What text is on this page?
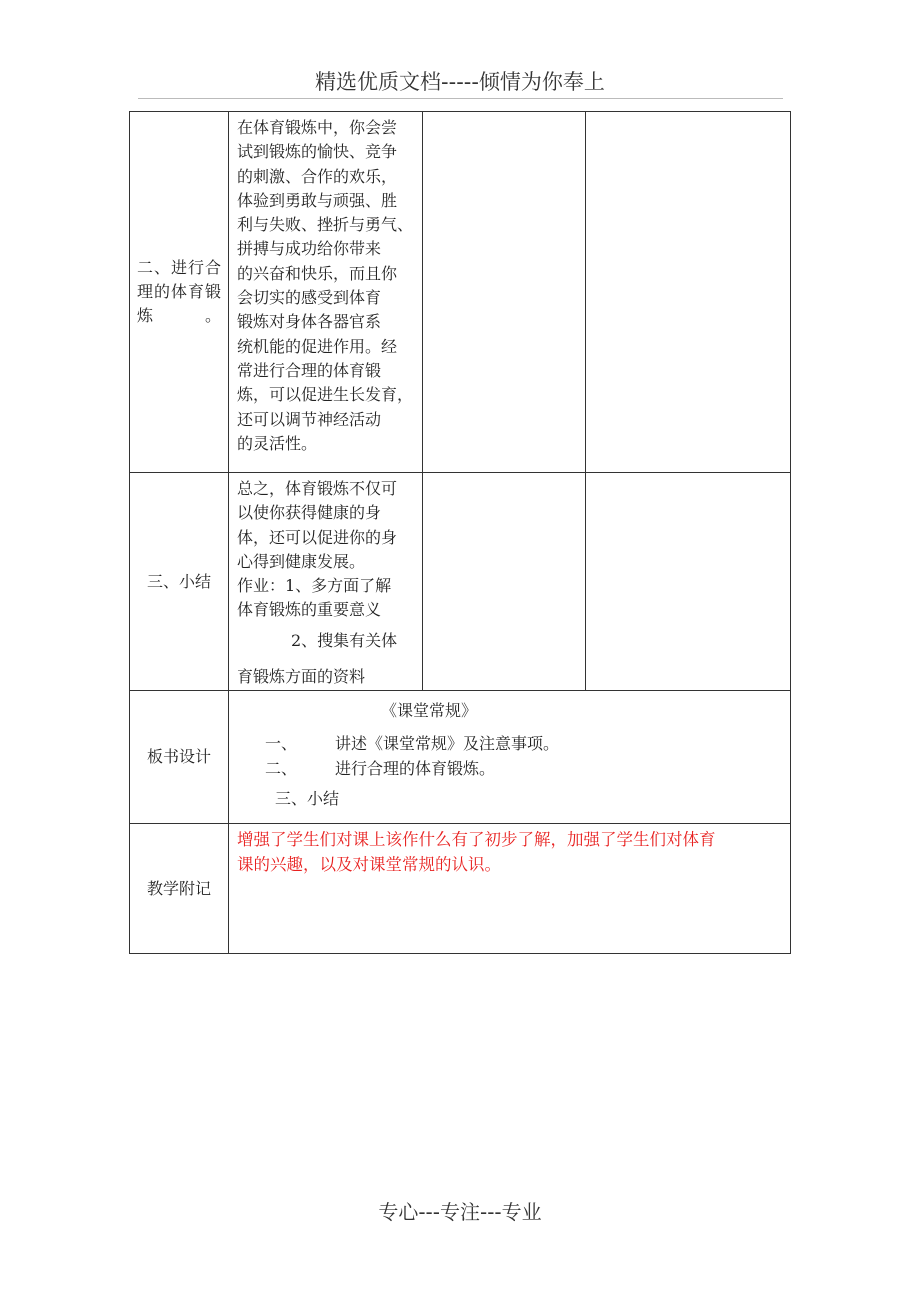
精选优质文档-----倾情为你奉上
二、进行合理的体育锻炼。

在体育锻炼中，你会尝

试到锻炼的愉快、竞争

的刺激、合作的欢乐，

体验到勇敢与顽强、胜

利与失败、挫折与勇气、

拼搏与成功给你带来

的兴奋和快乐，而且你

会切实的感受到体育

锻炼对身体各器官系

统机能的促进作用。经

常进行合理的体育锻

炼，可以促进生长发育，

还可以调节神经活动

的灵活性。

三、小结

总之，体育锻炼不仅可

以使你获得健康的身

体，还可以促进你的身

心得到健康发展。

作业：1、多方面了解

体育锻炼的重要意义

2、搜集有关体

育锻炼方面的资料

板书设计
《课堂常规》
一、 讲述《课堂常规》及注意事项。
二、 进行合理的体育锻炼。
三、 小结
教学附记

增强了学生们对课上该作什么有了初步了解，加强了学生们对体育

课的兴趣，以及对课堂常规的认识。

专心---专注---专业
